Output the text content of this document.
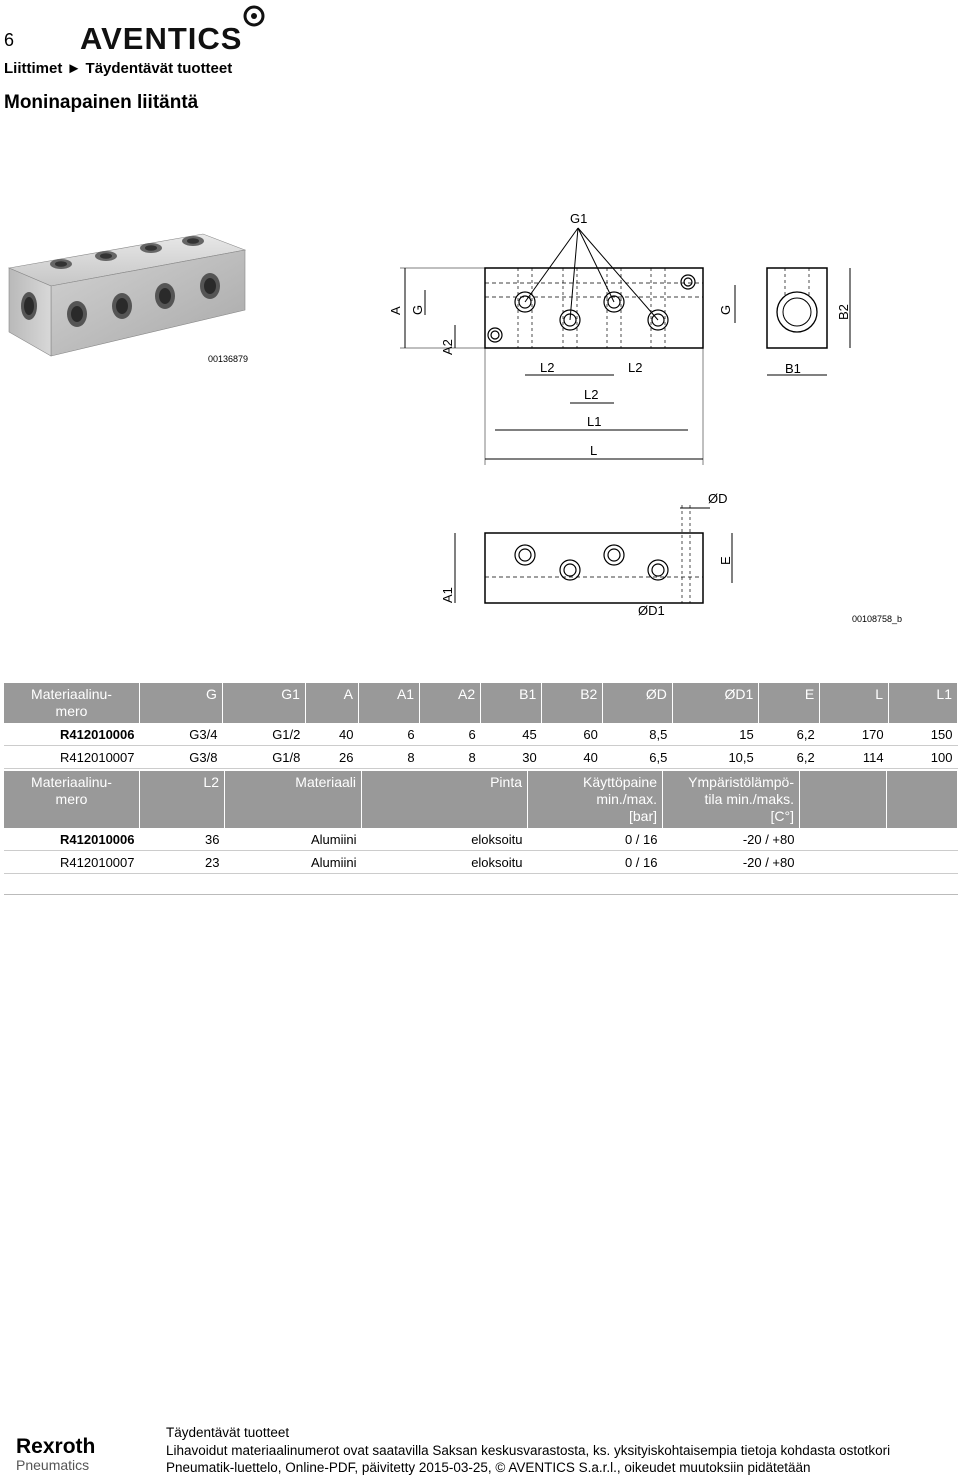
6 AVENTICS
Liittimet ► Täydentävät tuotteet
Moninapainen liitäntä
00136879
G1
A G
A2
G	B2
B1
L2	L2
L2
L1
L
ØD
E
A1
ØD1
00108758_b
Materiaalinu-
mero	G	G1	A	A1	A2	B1	B2	ØD	ØD1	E	L	L1
R412010006	G3/4	G1/2	40	6	6	45	60	8,5	15	6,2	170	150
R412010007	G3/8	G1/8	26	8	8	30	40	6,5	10,5	6,2	114	100
Materiaalinu-
mero	L2	Materiaali	Pinta	Käyttöpaine
min./max.
[bar]	Ympäristölämpö-
tila min./maks.
[C°]		
R412010006	36	Alumiini	eloksoitu	0 / 16	-20 / +80		
R412010007	23	Alumiini	eloksoitu	0 / 16	-20 / +80		
Rexroth
Pneumatics
Täydentävät tuotteet
Lihavoidut materiaalinumerot ovat saatavilla Saksan keskusvarastosta, ks. yksityiskohtaisempia tietoja kohdasta ostotkori
Pneumatik-luettelo, Online-PDF, päivitetty 2015-03-25, © AVENTICS S.a.r.l., oikeudet muutoksiin pidätetään
